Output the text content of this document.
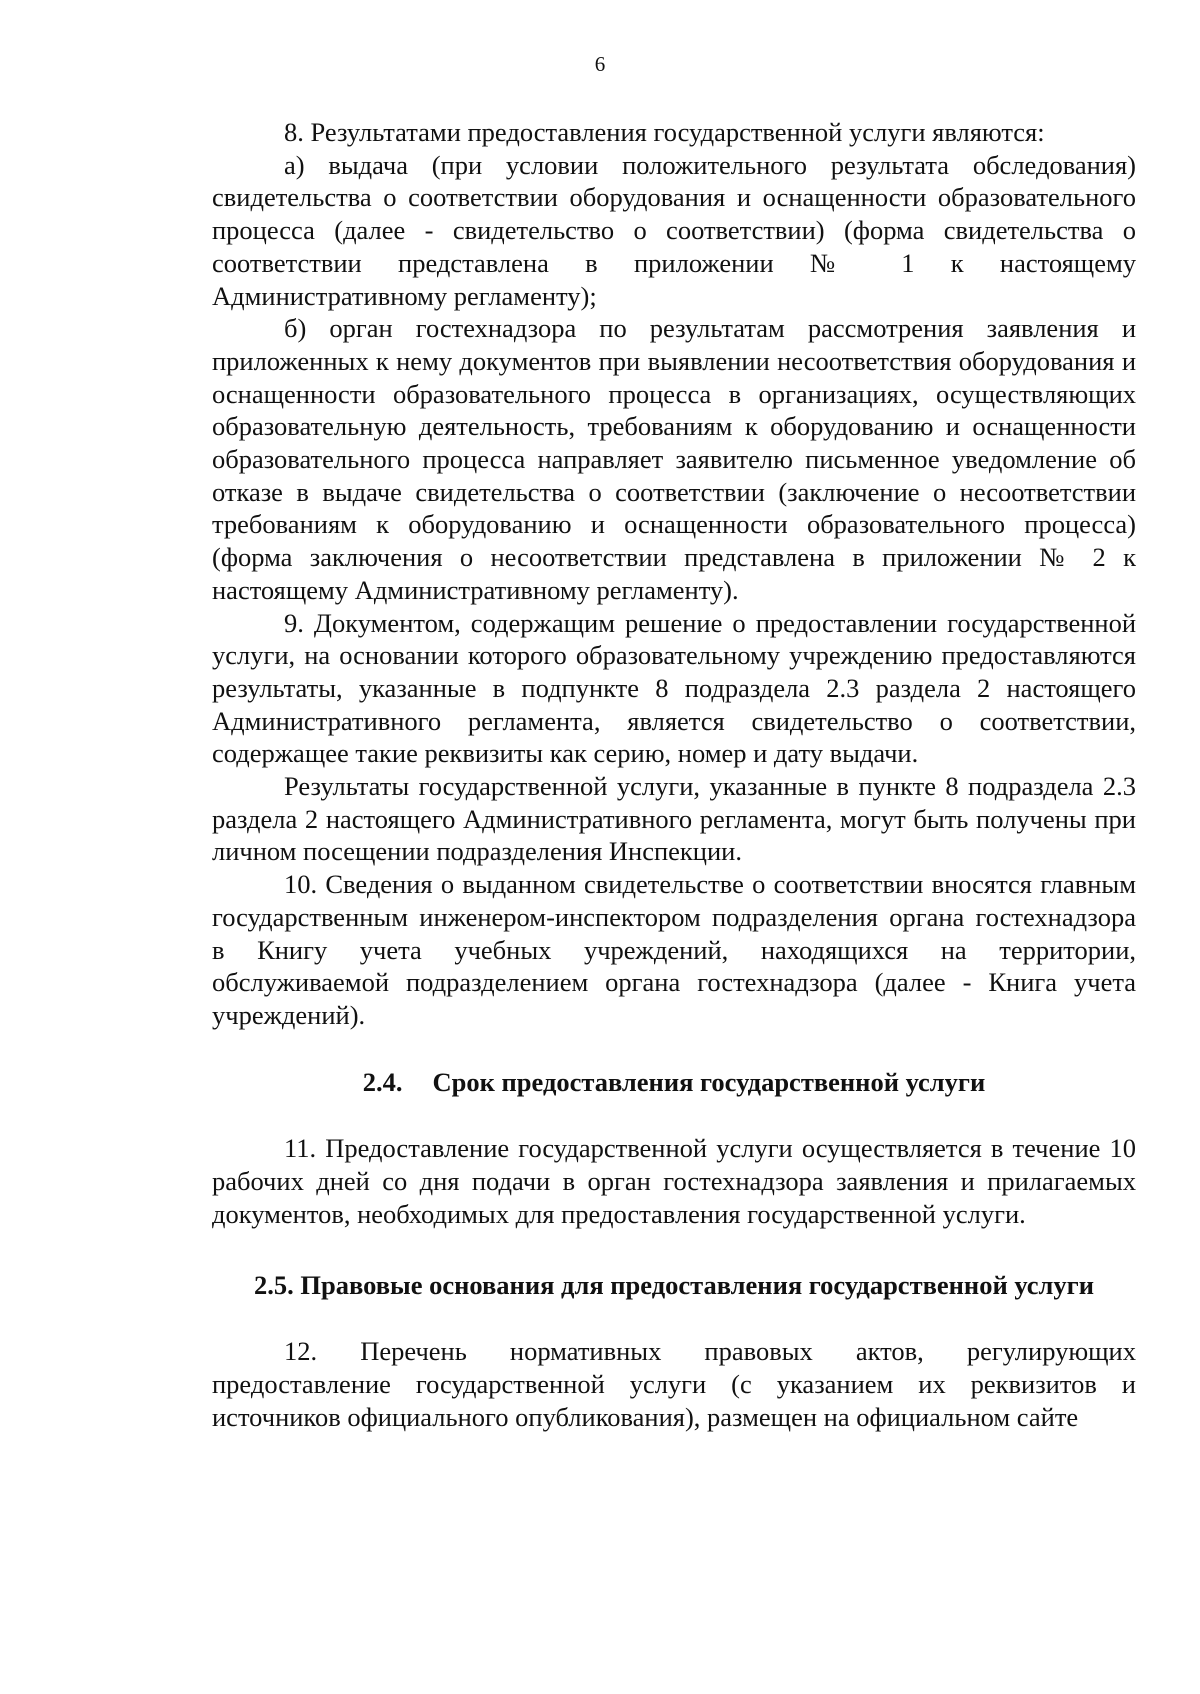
6

8. Результатами предоставления государственной услуги являются:

а) выдача (при условии положительного результата обследования) свидетельства о соответствии оборудования и оснащенности образовательного процесса (далее - свидетельство о соответствии) (форма свидетельства о соответствии представлена в приложении № 1 к настоящему Административному регламенту);

б) орган гостехнадзора по результатам рассмотрения заявления и приложенных к нему документов при выявлении несоответствия оборудования и оснащенности образовательного процесса в организациях, осуществляющих образовательную деятельность, требованиям к оборудованию и оснащенности образовательного процесса направляет заявителю письменное уведомление об отказе в выдаче свидетельства о соответствии (заключение о несоответствии требованиям к оборудованию и оснащенности образовательного процесса) (форма заключения о несоответствии представлена в приложении № 2 к настоящему Административному регламенту).

9. Документом, содержащим решение о предоставлении государственной услуги, на основании которого образовательному учреждению предоставляются результаты, указанные в подпункте 8 подраздела 2.3 раздела 2 настоящего Административного регламента, является свидетельство о соответствии, содержащее такие реквизиты как серию, номер и дату выдачи.

Результаты государственной услуги, указанные в пункте 8 подраздела 2.3 раздела 2 настоящего Административного регламента, могут быть получены при личном посещении подразделения Инспекции.

10. Сведения о выданном свидетельстве о соответствии вносятся главным государственным инженером-инспектором подразделения органа гостехнадзора в Книгу учета учебных учреждений, находящихся на территории, обслуживаемой подразделением органа гостехнадзора (далее - Книга учета учреждений).

2.4. Срок предоставления государственной услуги

11. Предоставление государственной услуги осуществляется в течение 10 рабочих дней со дня подачи в орган гостехнадзора заявления и прилагаемых документов, необходимых для предоставления государственной услуги.

2.5. Правовые основания для предоставления государственной услуги

12. Перечень нормативных правовых актов, регулирующих предоставление государственной услуги (с указанием их реквизитов и источников официального опубликования), размещен на официальном сайте
